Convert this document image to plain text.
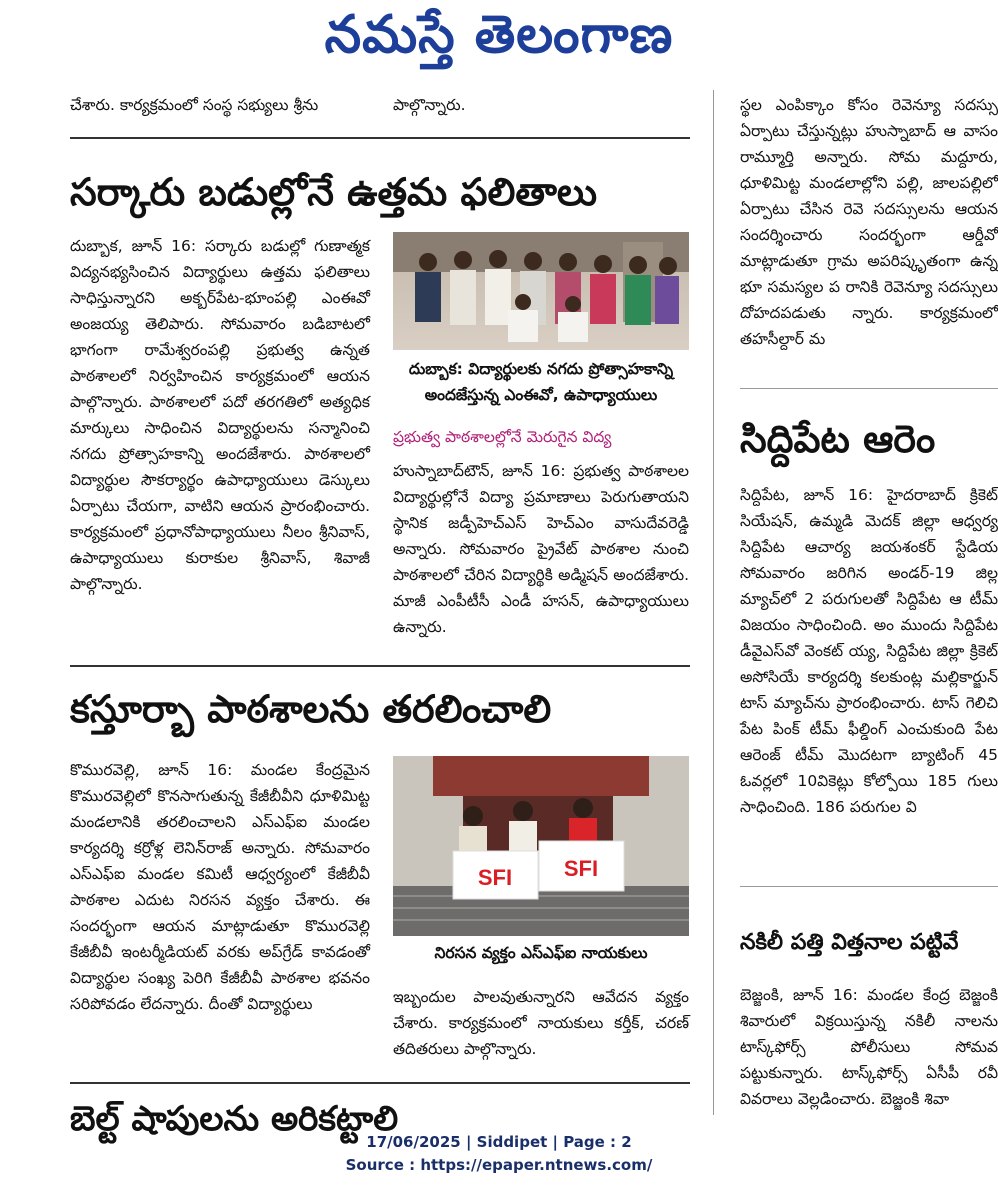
నమస్తే తెలంగాణ
చేశారు. కార్యక్రమంలో సంస్థ సభ్యులు శ్రీను	పాల్గొన్నారు.
సర్కారు బడుల్లోనే ఉత్తమ ఫలితాలు

దుబ్బాక, జూన్ 16: సర్కారు బడుల్లో గుణాత్మక విద్యనభ్యసించిన విద్యార్థులు ఉత్తమ ఫలితాలు సాధిస్తున్నారని అక్బర్‌పేట-భూంపల్లి ఎంఈవో అంజయ్య తెలిపారు. సోమవారం బడిబాటలో భాగంగా రామేశ్వరంపల్లి ప్రభుత్వ ఉన్నత పాఠశాలలో నిర్వహించిన కార్యక్రమంలో ఆయన పాల్గొన్నారు. పాఠశాలలో పదో తరగతిలో అత్యధిక మార్కులు సాధించిన విద్యార్థులను సన్మానించి నగదు ప్రోత్సాహకాన్ని అందజేశారు. పాఠశాలలో విద్యార్థుల సౌకర్యార్థం ఉపాధ్యాయులు డెస్కులు ఏర్పాటు చేయగా, వాటిని ఆయన ప్రారంభించారు. కార్యక్రమంలో ప్రధానోపాధ్యాయులు నీలం శ్రీనివాస్, ఉపాధ్యాయులు కురాకుల శ్రీనివాస్, శివాజీ పాల్గొన్నారు.

దుబ్బాక: విద్యార్థులకు నగదు ప్రోత్సాహకాన్ని అందజేస్తున్న ఎంఈవో, ఉపాధ్యాయులు
ప్రభుత్వ పాఠశాలల్లోనే మెరుగైన విద్య

హుస్నాబాద్‌టౌన్, జూన్ 16: ప్రభుత్వ పాఠశాలల విద్యార్థుల్లోనే విద్యా ప్రమాణాలు పెరుగుతాయని స్థానిక జడ్పీహెచ్‌ఎస్ హెచ్‌ఎం వాసుదేవరెడ్డి అన్నారు. సోమవారం ప్రైవేట్ పాఠశాల నుంచి పాఠశాలలో చేరిన విద్యార్థికి అడ్మిషన్ అందజేశారు. మాజీ ఎంపీటీసీ ఎండీ హసన్, ఉపాధ్యాయులు ఉన్నారు.

కస్తూర్బా పాఠశాలను తరలించాలి

కొమురవెల్లి, జూన్ 16: మండల కేంద్రమైన కొమురవెల్లిలో కొనసాగుతున్న కేజీబీవీని ధూళిమిట్ట మండలానికి తరలించాలని ఎస్ఎఫ్ఐ మండల కార్యదర్శి కర్రోళ్ల లెనిన్‌రాజ్ అన్నారు. సోమవారం ఎస్ఎఫ్ఐ మండల కమిటీ ఆధ్వర్యంలో కేజీబీవీ పాఠశాల ఎదుట నిరసన వ్యక్తం చేశారు. ఈ సందర్భంగా ఆయన మాట్లాడుతూ కొమురవెల్లి కేజీబీవీ ఇంటర్మీడియట్ వరకు అప్‌గ్రేడ్ కావడంతో విద్యార్థుల సంఖ్య పెరిగి కేజీబీవీ పాఠశాల భవనం సరిపోవడం లేదన్నారు. దీంతో విద్యార్థులు

SFI SFI
నిరసన వ్యక్తం ఎస్ఎఫ్ఐ నాయకులు

ఇబ్బందుల పాలవుతున్నారని ఆవేదన వ్యక్తం చేశారు. కార్యక్రమంలో నాయకులు కర్తీక్, చరణ్ తదితరులు పాల్గొన్నారు.

బెల్ట్ షాపులను అరికట్టాలి

స్థల ఎంపిక్కాం కోసం రెవెన్యూ సదస్సు ఏర్పాటు చేస్తున్నట్లు హుస్నాబాద్ ఆ వాసం రామ్మూర్తి అన్నారు. సోమ మద్దూరు, ధూళిమిట్ట మండలాల్లోని పల్లి, జాలపల్లిలో ఏర్పాటు చేసిన రెవె సదస్సులను ఆయన సందర్శించారు సందర్భంగా ఆర్డీవో మాట్లాడుతూ గ్రామ అపరిష్కృతంగా ఉన్న భూ సమస్యల ప రానికి రెవెన్యూ సదస్సులు దోహదపడుతు న్నారు. కార్యక్రమంలో తహసీల్దార్ మ

సిద్దిపేట ఆరెం

సిద్దిపేట, జూన్ 16: హైదరాబాద్ క్రికెట్ సియేషన్, ఉమ్మడి మెదక్ జిల్లా ఆధ్వర్య సిద్దిపేట ఆచార్య జయశంకర్ స్టేడియ సోమవారం జరిగిన అండర్-19 జిల్ల మ్యాచ్‌లో 2 పరుగులతో సిద్దిపేట ఆ టీమ్ విజయం సాధించింది. అం ముందు సిద్దిపేట డీవైఎస్‌వో వెంకట్ య్య, సిద్దిపేట జిల్లా క్రికెట్ అసోసియే కార్యదర్శి కలకుంట్ల మల్లికార్జున్ టాస్ మ్యాచ్‌ను ప్రారంభించారు. టాస్ గెలిచి పేట పింక్ టీమ్ ఫీల్డింగ్ ఎంచుకుంది పేట ఆరెంజ్ టీమ్ మొదటగా బ్యాటింగ్ 45 ఓవర్లలో 10వికెట్లు కోల్పోయి 185 గులు సాధించింది. 186 పరుగుల వి

నకిలీ పత్తి విత్తనాల పట్టివే

బెజ్జంకి, జూన్ 16: మండల కేంద్ర బెజ్జంకి శివారులో విక్రయిస్తున్న నకిలీ నాలను టాస్క్‌ఫోర్స్ పోలీసులు సోమవ పట్టుకున్నారు. టాస్క్‌ఫోర్స్ ఏసీపీ రవీ వివరాలు వెల్లడించారు. బెజ్జంకి శివా

17/06/2025 | Siddipet | Page : 2
Source : https://epaper.ntnews.com/
